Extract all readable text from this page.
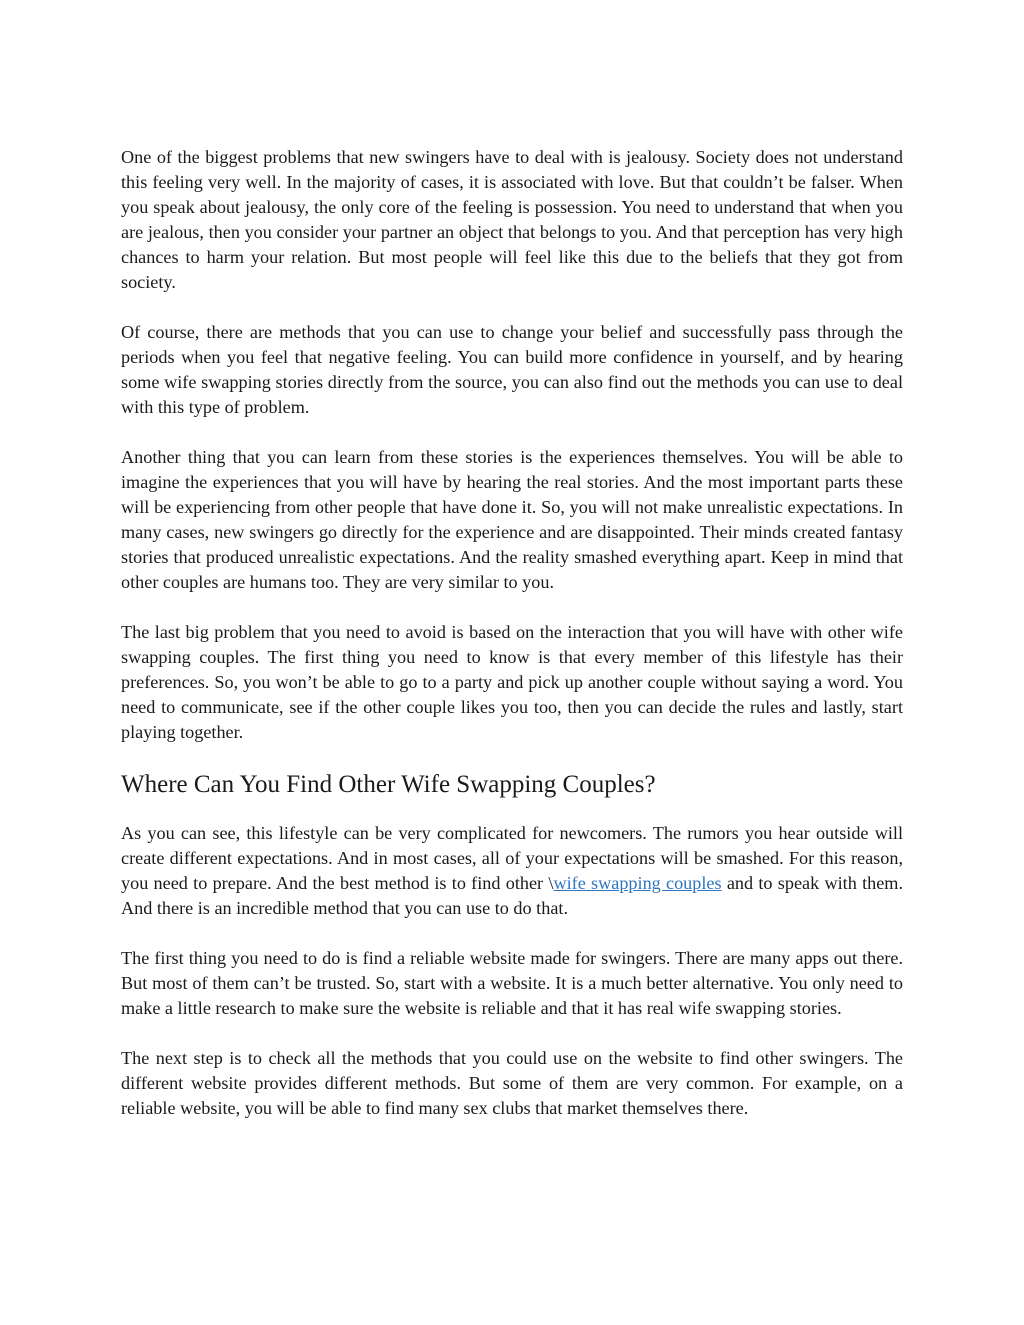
One of the biggest problems that new swingers have to deal with is jealousy. Society does not understand this feeling very well. In the majority of cases, it is associated with love. But that couldn’t be falser. When you speak about jealousy, the only core of the feeling is possession. You need to understand that when you are jealous, then you consider your partner an object that belongs to you. And that perception has very high chances to harm your relation. But most people will feel like this due to the beliefs that they got from society.

Of course, there are methods that you can use to change your belief and successfully pass through the periods when you feel that negative feeling. You can build more confidence in yourself, and by hearing some wife swapping stories directly from the source, you can also find out the methods you can use to deal with this type of problem.

Another thing that you can learn from these stories is the experiences themselves. You will be able to imagine the experiences that you will have by hearing the real stories. And the most important parts these will be experiencing from other people that have done it. So, you will not make unrealistic expectations. In many cases, new swingers go directly for the experience and are disappointed. Their minds created fantasy stories that produced unrealistic expectations. And the reality smashed everything apart. Keep in mind that other couples are humans too. They are very similar to you.

The last big problem that you need to avoid is based on the interaction that you will have with other wife swapping couples. The first thing you need to know is that every member of this lifestyle has their preferences. So, you won’t be able to go to a party and pick up another couple without saying a word. You need to communicate, see if the other couple likes you too, then you can decide the rules and lastly, start playing together.

Where Can You Find Other Wife Swapping Couples?

As you can see, this lifestyle can be very complicated for newcomers. The rumors you hear outside will create different expectations. And in most cases, all of your expectations will be smashed. For this reason, you need to prepare. And the best method is to find other \wife swapping couples and to speak with them. And there is an incredible method that you can use to do that.

The first thing you need to do is find a reliable website made for swingers. There are many apps out there. But most of them can’t be trusted. So, start with a website. It is a much better alternative. You only need to make a little research to make sure the website is reliable and that it has real wife swapping stories.

The next step is to check all the methods that you could use on the website to find other swingers. The different website provides different methods. But some of them are very common. For example, on a reliable website, you will be able to find many sex clubs that market themselves there.
